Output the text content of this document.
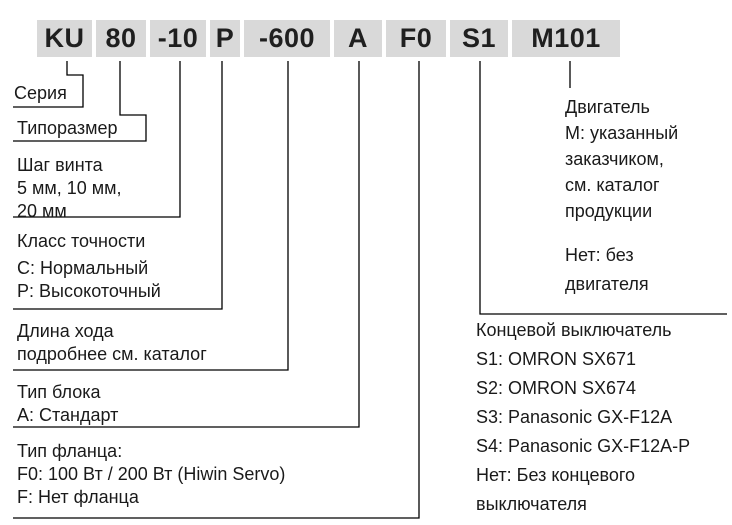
KU 80 -10 P -600	A	F0	S1	M101
Серия
Типоразмер
Шаг винта
5 мм, 10 мм,
20 мм
Класс точности
C: Нормальный
P: Высокоточный
Длина хода
подробнее см. каталог
Тип блока
A: Стандарт
Тип фланца:
F0: 100 Вт / 200 Вт (Hiwin Servo)
F: Нет фланца
Двигатель
M: указанный
заказчиком,
см. каталог
продукции
Нет: без
двигателя
Концевой выключатель
S1: OMRON SX671
S2: OMRON SX674
S3: Panasonic GX-F12A
S4: Panasonic GX-F12A-P
Нет: Без концевого
выключателя
